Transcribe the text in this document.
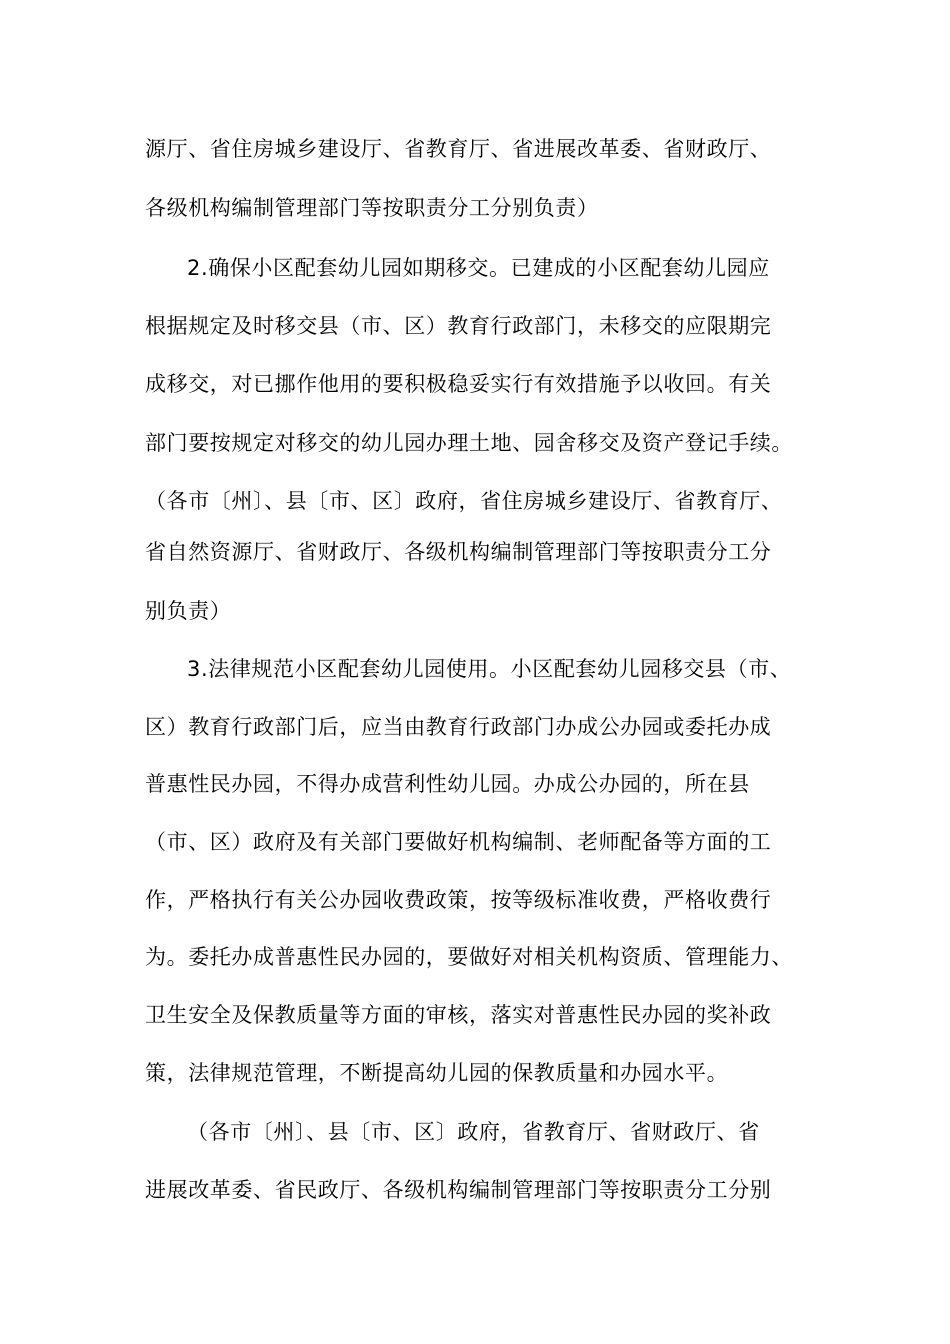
源厅、省住房城乡建设厅、省教育厅、省进展改革委、省财政厅、
各级机构编制管理部门等按职责分工分别负责）
2.确保小区配套幼儿园如期移交。已建成的小区配套幼儿园应
根据规定及时移交县（市、区）教育行政部门，未移交的应限期完
成移交，对已挪作他用的要积极稳妥实行有效措施予以收回。有关
部门要按规定对移交的幼儿园办理土地、园舍移交及资产登记手续。
（各市〔州〕、县〔市、区〕政府，省住房城乡建设厅、省教育厅、
省自然资源厅、省财政厅、各级机构编制管理部门等按职责分工分
别负责）
3.法律规范小区配套幼儿园使用。小区配套幼儿园移交县（市、
区）教育行政部门后，应当由教育行政部门办成公办园或委托办成
普惠性民办园，不得办成营利性幼儿园。办成公办园的，所在县
（市、区）政府及有关部门要做好机构编制、老师配备等方面的工
作，严格执行有关公办园收费政策，按等级标准收费，严格收费行
为。委托办成普惠性民办园的，要做好对相关机构资质、管理能力、
卫生安全及保教质量等方面的审核，落实对普惠性民办园的奖补政
策，法律规范管理，不断提高幼儿园的保教质量和办园水平。
（各市〔州〕、县〔市、区〕政府，省教育厅、省财政厅、省
进展改革委、省民政厅、各级机构编制管理部门等按职责分工分别
